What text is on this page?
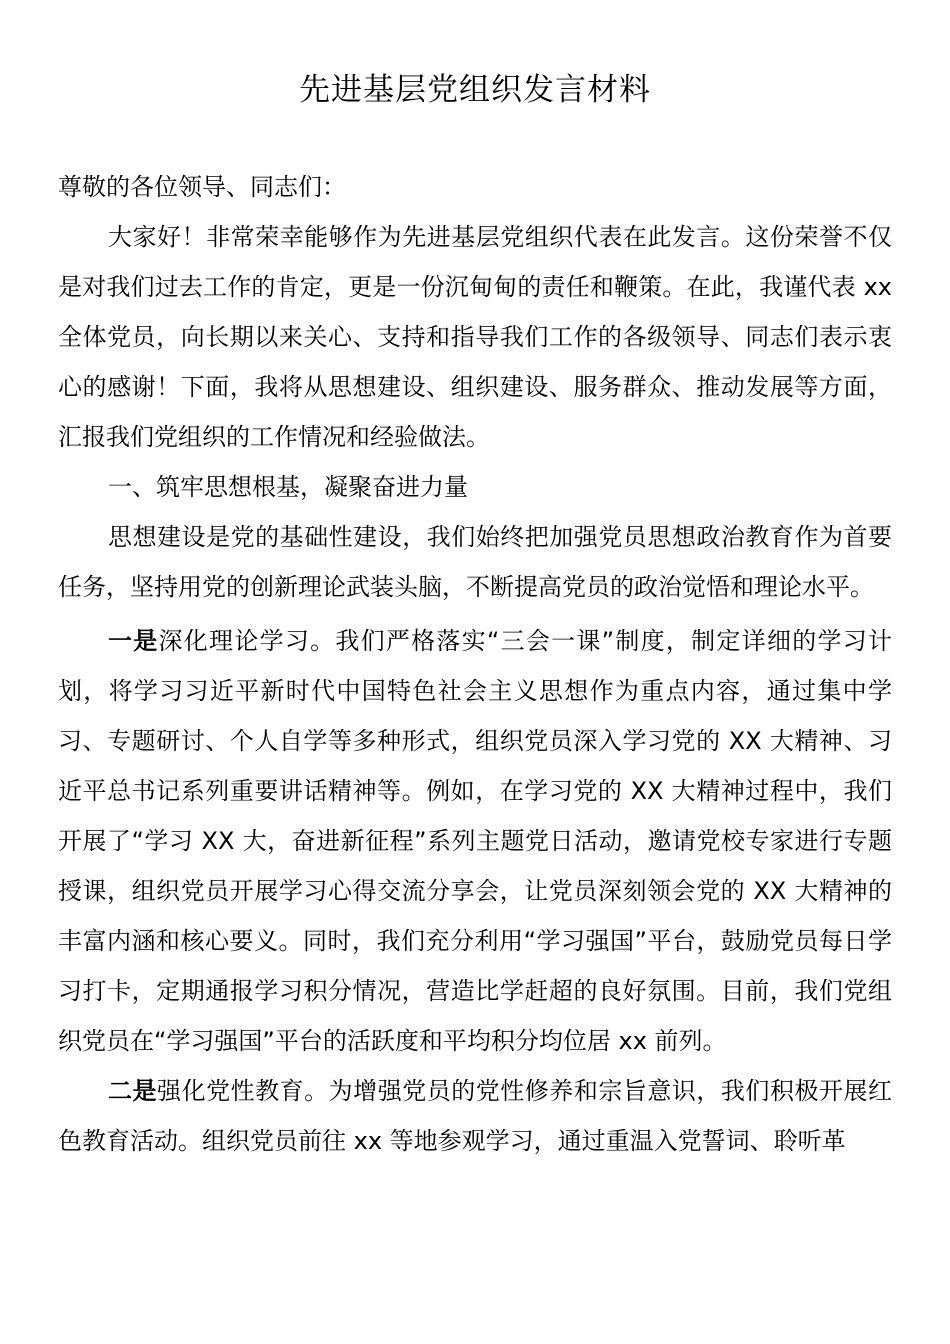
先进基层党组织发言材料

尊敬的各位领导、同志们：

大家好！非常荣幸能够作为先进基层党组织代表在此发言。这份荣誉不仅是对我们过去工作的肯定，更是一份沉甸甸的责任和鞭策。在此，我谨代表 xx 全体党员，向长期以来关心、支持和指导我们工作的各级领导、同志们表示衷心的感谢！下面，我将从思想建设、组织建设、服务群众、推动发展等方面，汇报我们党组织的工作情况和经验做法。

一、筑牢思想根基，凝聚奋进力量

思想建设是党的基础性建设，我们始终把加强党员思想政治教育作为首要任务，坚持用党的创新理论武装头脑，不断提高党员的政治觉悟和理论水平。

一是深化理论学习。我们严格落实“三会一课”制度，制定详细的学习计划，将学习习近平新时代中国特色社会主义思想作为重点内容，通过集中学习、专题研讨、个人自学等多种形式，组织党员深入学习党的 XX 大精神、习近平总书记系列重要讲话精神等。例如，在学习党的 XX 大精神过程中，我们开展了“学习 XX 大，奋进新征程”系列主题党日活动，邀请党校专家进行专题授课，组织党员开展学习心得交流分享会，让党员深刻领会党的 XX 大精神的丰富内涵和核心要义。同时，我们充分利用“学习强国”平台，鼓励党员每日学习打卡，定期通报学习积分情况，营造比学赶超的良好氛围。目前，我们党组织党员在“学习强国”平台的活跃度和平均积分均位居 xx 前列。

二是强化党性教育。为增强党员的党性修养和宗旨意识，我们积极开展红色教育活动。组织党员前往 xx 等地参观学习，通过重温入党誓词、聆听革
